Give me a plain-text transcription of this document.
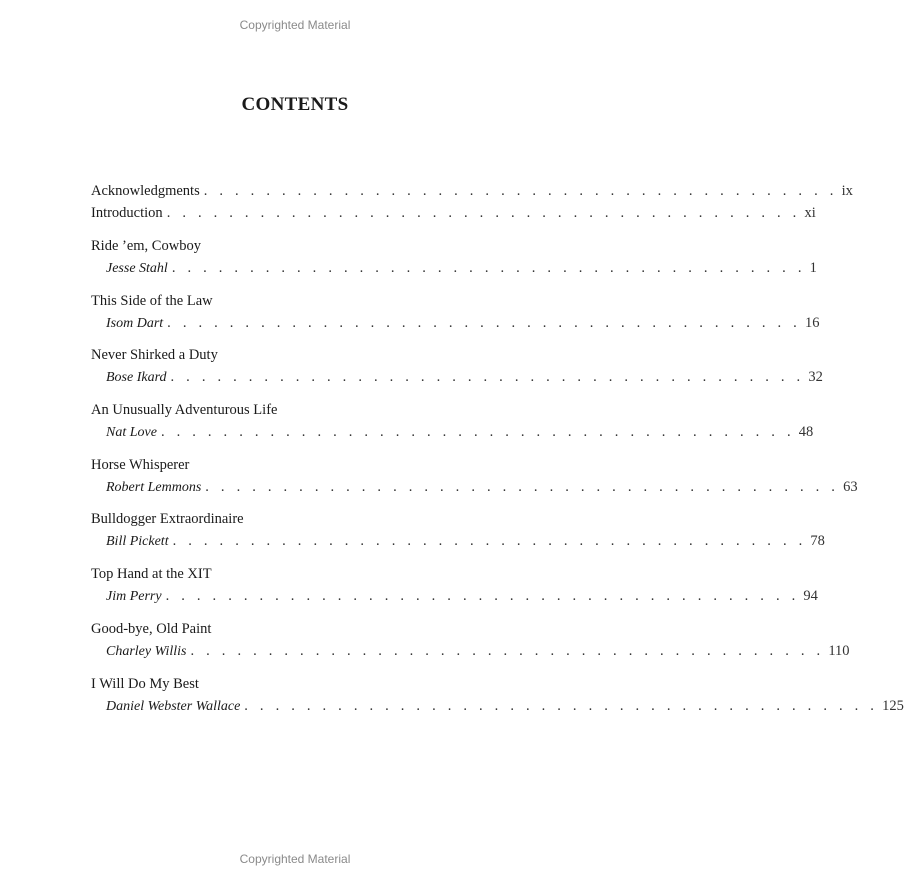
Copyrighted Material
CONTENTS
Acknowledgments . . . . . . . . . . . . . . . . . . . . . . . . . . . . . . . . . . . . . . . . . ix
Introduction . . . . . . . . . . . . . . . . . . . . . . . . . . . . . . . . . . . . . . . . . xi
Ride ’em, Cowboy
Jesse Stahl . . . . . . . . . . . . . . . . . . . . . . . . . . . . . . . . . . . . . . . . . 1
This Side of the Law
Isom Dart . . . . . . . . . . . . . . . . . . . . . . . . . . . . . . . . . . . . . . . . . 16
Never Shirked a Duty
Bose Ikard . . . . . . . . . . . . . . . . . . . . . . . . . . . . . . . . . . . . . . . . . 32
An Unusually Adventurous Life
Nat Love . . . . . . . . . . . . . . . . . . . . . . . . . . . . . . . . . . . . . . . . . 48
Horse Whisperer
Robert Lemmons . . . . . . . . . . . . . . . . . . . . . . . . . . . . . . . . . . . . . . . . . 63
Bulldogger Extraordinaire
Bill Pickett . . . . . . . . . . . . . . . . . . . . . . . . . . . . . . . . . . . . . . . . . 78
Top Hand at the XIT
Jim Perry . . . . . . . . . . . . . . . . . . . . . . . . . . . . . . . . . . . . . . . . . 94
Good-bye, Old Paint
Charley Willis . . . . . . . . . . . . . . . . . . . . . . . . . . . . . . . . . . . . . . . . . 110
I Will Do My Best
Daniel Webster Wallace . . . . . . . . . . . . . . . . . . . . . . . . . . . . . . . . . . . . . . . . . 125
Copyrighted Material
